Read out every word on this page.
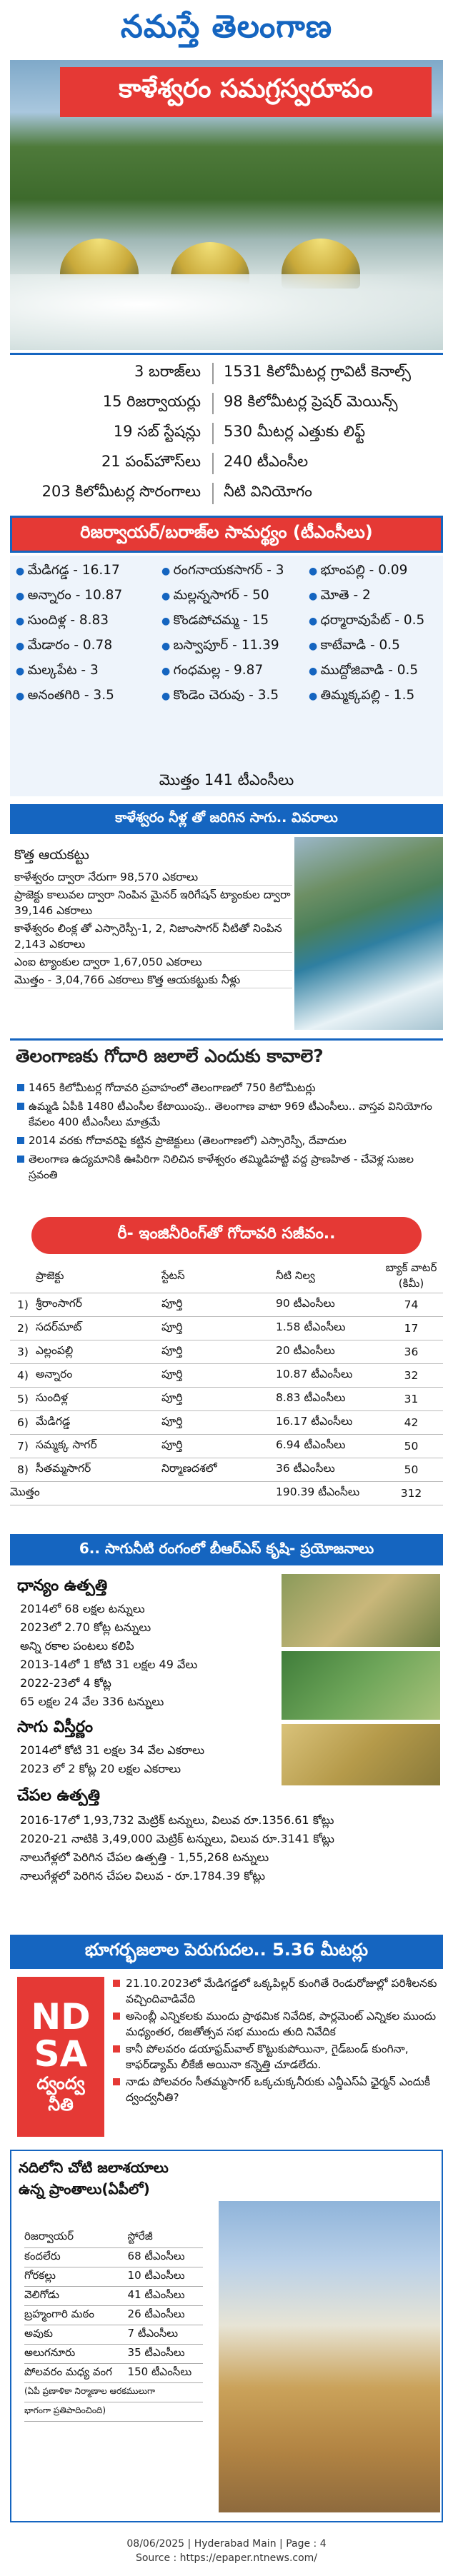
నమస్తే తెలంగాణ
కాళేశ్వరం సమగ్రస్వరూపం
3 బరాజ్‌లు	1531 కిలోమీటర్ల గ్రావిటీ కెనాల్స్
15 రిజర్వాయర్లు	98 కిలోమీటర్ల ప్రెషర్ మెయిన్స్
19 సబ్ స్టేషన్లు	530 మీటర్ల ఎత్తుకు లిఫ్ట్
21 పంప్‌హౌస్‌లు	240 టీఎంసీల
203 కిలోమీటర్ల సొరంగాలు	నీటి వినియోగం
రిజర్వాయర్/బరాజ్‌ల సామర్థ్యం (టీఎంసీలు)
● మేడిగడ్డ - 16.17
● అన్నారం - 10.87
● సుందిళ్ల - 8.83
● మేడారం - 0.78
● మల్కపేట - 3
● అనంతగిరి - 3.5
● రంగనాయకసాగర్ - 3
● మల్లన్నసాగర్ - 50
● కొండపోచమ్మ - 15
● బస్వాపూర్ - 11.39
● గంధమల్ల - 9.87
● కొండెం చెరువు - 3.5
● భూంపల్లి - 0.09
● మోతె - 2
● ధర్మారావుపేట్ - 0.5
● కాటేవాడి - 0.5
● ముద్దోజివాడి - 0.5
● తిమ్మక్కపల్లి - 1.5
మొత్తం 141 టీఎంసీలు
కాళేశ్వరం నీళ్ల తో జరిగిన సాగు.. వివరాలు
కొత్త ఆయకట్టు
కాళేశ్వరం ద్వారా నేరుగా 98,570 ఎకరాలు
ప్రాజెక్టు కాలువల ద్వారా నింపిన మైనర్ ఇరిగేషన్ ట్యాంకుల ద్వారా 39,146 ఎకరాలు
కాళేశ్వరం లింక్ల తో ఎస్సారెస్పీ-1, 2, నిజాంసాగర్ నీటితో నింపిన 2,143 ఎకరాలు
ఎంఐ ట్యాంకుల ద్వారా 1,67,050 ఎకరాలు
మొత్తం - 3,04,766 ఎకరాలు కొత్త ఆయకట్టుకు నీళ్లు
తెలంగాణకు గోదారి జలాలే ఎందుకు కావాలె?
1465 కిలోమీటర్ల గోదావరి ప్రవాహంలో తెలంగాణలో 750 కిలోమీటర్లు
ఉమ్మడి ఏపీకి 1480 టీఎంసీల కేటాయింపు.. తెలంగాణ వాటా 969 టీఎంసీలు.. వాస్తవ వినియోగం కేవలం 400 టీఎంసీలు మాత్రమే
2014 వరకు గోదావరిపై కట్టిన ప్రాజెక్టులు (తెలంగాణలో) ఎస్సారెస్పీ, దేవాదుల
తెలంగాణ ఉద్యమానికి ఊపిరిగా నిలిచిన కాళేశ్వరం తమ్మిడిహట్టి వద్ద ప్రాణహిత - చేవెళ్ల సుజల స్రవంతి
రీ- ఇంజినీరింగ్‌తో గోదావరి సజీవం..
	ప్రాజెక్టు	స్టేటస్	నీటి నిల్వ	బ్యాక్ వాటర్ (కిమీ)
1)	శ్రీరాంసాగర్	పూర్తి	90 టీఎంసీలు	74
2)	సదర్‌మాట్	పూర్తి	1.58 టీఎంసీలు	17
3)	ఎల్లంపల్లి	పూర్తి	20 టీఎంసీలు	36
4)	అన్నారం	పూర్తి	10.87 టీఎంసీలు	32
5)	సుందిళ్ల	పూర్తి	8.83 టీఎంసీలు	31
6)	మేడిగడ్డ	పూర్తి	16.17 టీఎంసీలు	42
7)	సమ్మక్క సాగర్	పూర్తి	6.94 టీఎంసీలు	50
8)	సీతమ్మసాగర్	నిర్మాణదశలో	36 టీఎంసీలు	50
మొత్తం			190.39 టీఎంసీలు	312
6.. సాగునీటి రంగంలో బీఆర్‌ఎస్ కృషి- ప్రయోజనాలు
ధాన్యం ఉత్పత్తి
2014లో 68 లక్షల టన్నులు
2023లో 2.70 కోట్ల టన్నులు
అన్ని రకాల పంటలు కలిపి
2013-14లో 1 కోటి 31 లక్షల 49 వేలు
2022-23లో 4 కోట్ల
65 లక్షల 24 వేల 336 టన్నులు
సాగు విస్తీర్ణం
2014లో కోటి 31 లక్షల 34 వేల ఎకరాలు
2023 లో 2 కోట్ల 20 లక్షల ఎకరాలు
చేపల ఉత్పత్తి
2016-17లో 1,93,732 మెట్రిక్ టన్నులు, విలువ రూ.1356.61 కోట్లు
2020-21 నాటికి 3,49,000 మెట్రిక్ టన్నులు, విలువ రూ.3141 కోట్లు
నాలుగేళ్లలో పెరిగిన చేపల ఉత్పత్తి - 1,55,268 టన్నులు
నాలుగేళ్లలో పెరిగిన చేపల విలువ - రూ.1784.39 కోట్లు
భూగర్భజలాల పెరుగుదల.. 5.36 మీటర్లు
ND
SA
ద్వంద్వ
నీతి
21.10.2023లో మేడిగడ్డలో ఒక్కపిల్లర్ కుంగితే రెండురోజుల్లో పరిశీలనకు వచ్చిందివాడివేది
అసెంబ్లీ ఎన్నికలకు ముందు ప్రాథమిక నివేదిక, పార్లమెంట్ ఎన్నికల ముందు మధ్యంతర, రజతోత్సవ సభ ముందు తుది నివేదిక
కానీ పోలవరం డయాఫ్రమ్‌వాల్ కొట్టుకుపోయినా, గైడ్‌బండ్ కుంగినా, కాఫర్‌డ్యామ్ లీకేజీ అయినా కన్నెత్తి చూడలేదు.
నాడు పోలవరం సీతమ్మసాగర్ ఒక్కచుక్కనీరుకు ఎన్డీఎస్‌ఏ ఛైర్మన్ ఎందుకీ ద్వంద్వనీతి?
నదిలోని చోటి జలాశయాలు
ఉన్న ప్రాంతాలు(ఏపీలో)
రిజర్వాయర్	స్టోరేజీ
కందలేరు	68 టీఎంసీలు
గోరకల్లు	10 టీఎంసీలు
వెలిగోడు	41 టీఎంసీలు
బ్రహ్మంగారి మఠం	26 టీఎంసీలు
అవుకు	7 టీఎంసీలు
అలుగనూరు	35 టీఎంసీలు
పోలవరం మధ్య వంగ	150 టీఎంసీలు
(ఏపీ ప్రణాళికా నిర్మాణాల ఆరకములుగా	
భాగంగా ప్రతిపాదించింది)	
08/06/2025 | Hyderabad Main | Page : 4
Source : https://epaper.ntnews.com/
